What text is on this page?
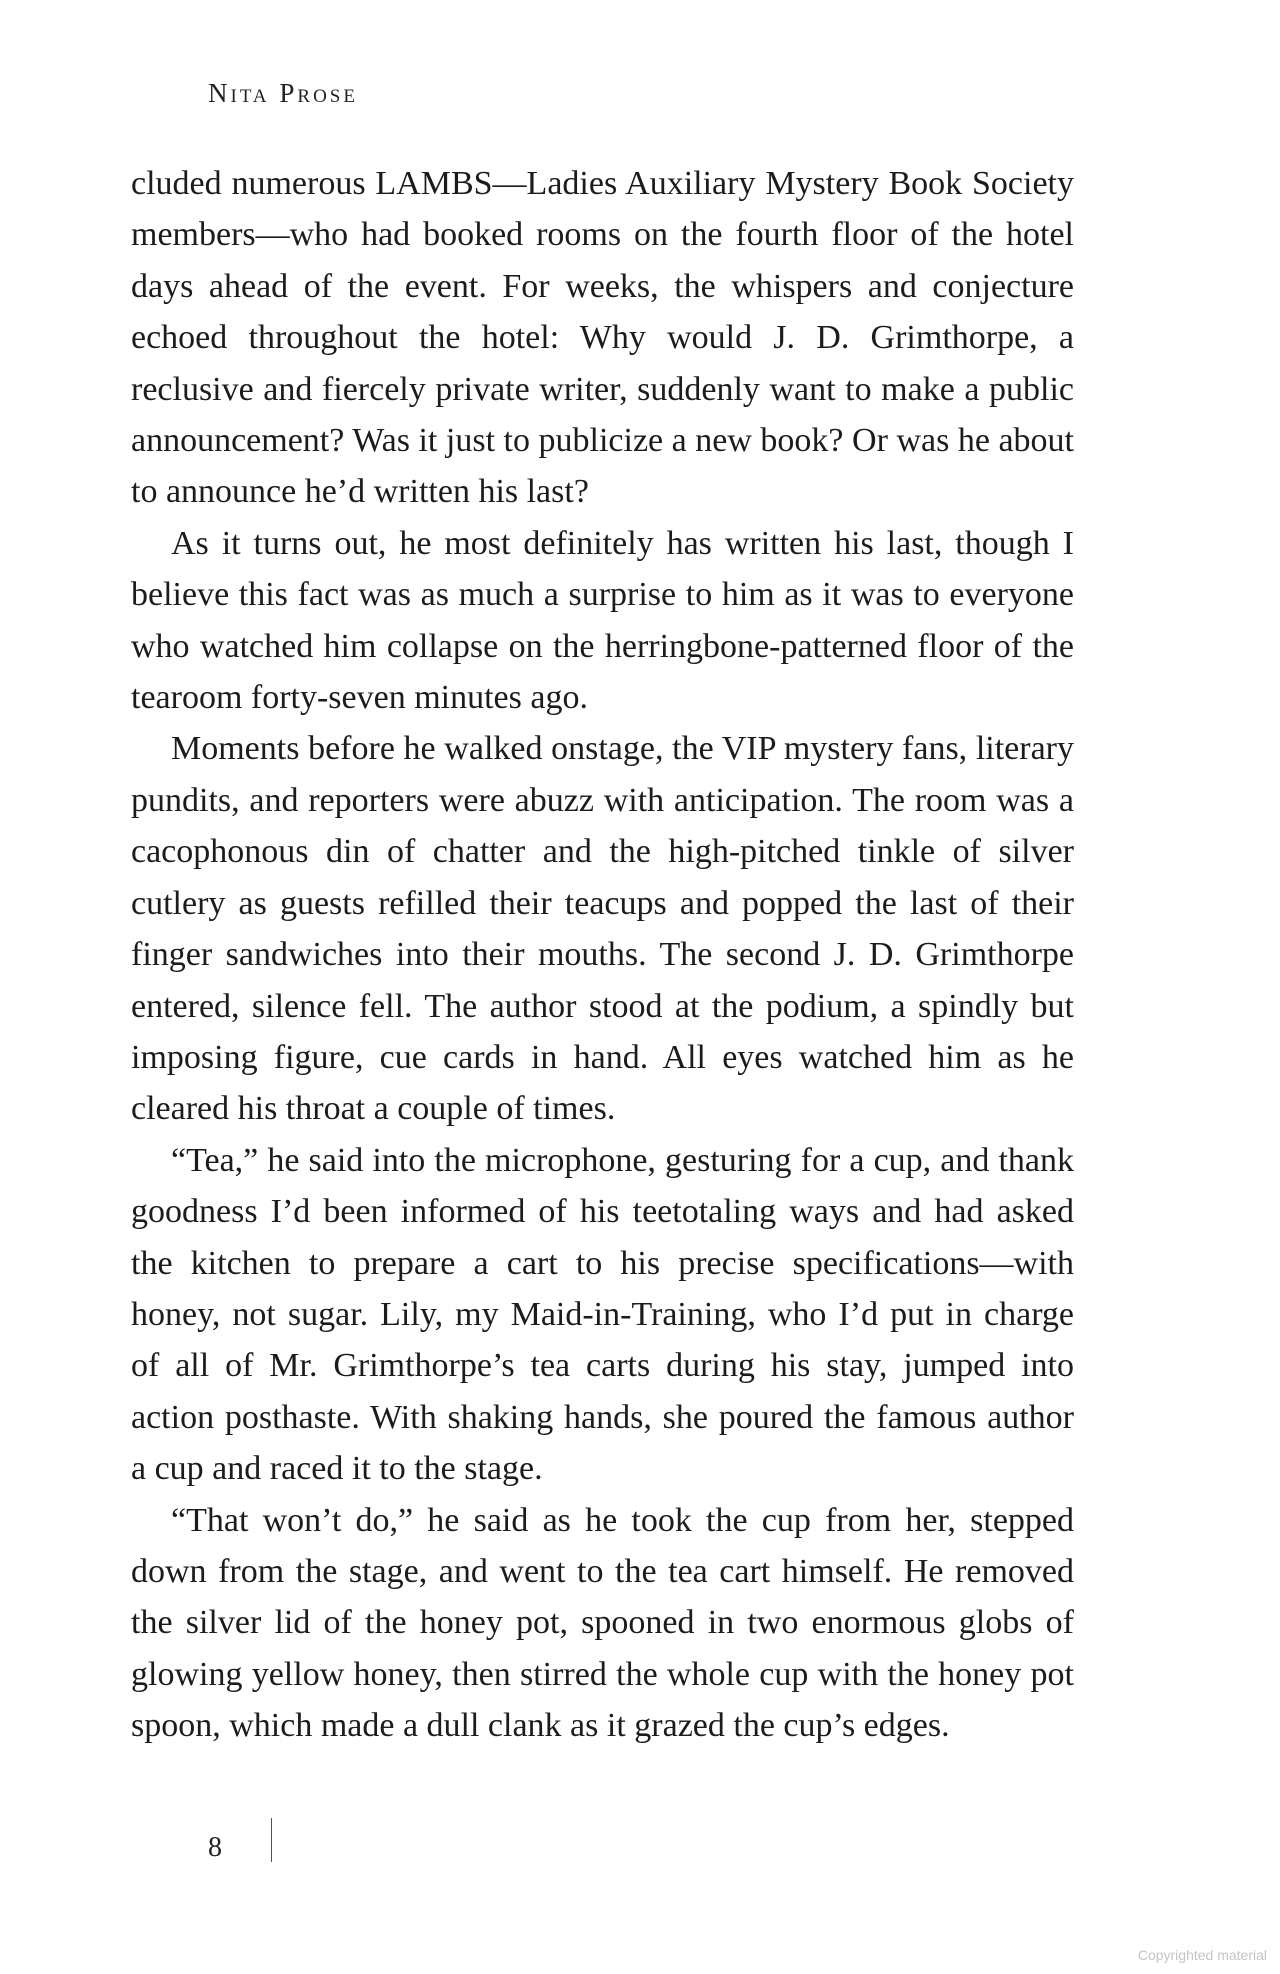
Nita Prose

cluded numerous LAMBS—Ladies Auxiliary Mystery Book Society members—who had booked rooms on the fourth floor of the hotel days ahead of the event. For weeks, the whispers and conjecture echoed throughout the hotel: Why would J. D. Grimthorpe, a reclusive and fiercely private writer, suddenly want to make a public announcement? Was it just to publicize a new book? Or was he about to announce he’d written his last?

As it turns out, he most definitely has written his last, though I believe this fact was as much a surprise to him as it was to everyone who watched him collapse on the herringbone-patterned floor of the tearoom forty-seven minutes ago.

Moments before he walked onstage, the VIP mystery fans, literary pundits, and reporters were abuzz with anticipation. The room was a cacophonous din of chatter and the high-pitched tinkle of silver cutlery as guests refilled their teacups and popped the last of their finger sandwiches into their mouths. The second J. D. Grimthorpe entered, silence fell. The author stood at the podium, a spindly but imposing figure, cue cards in hand. All eyes watched him as he cleared his throat a couple of times.

“Tea,” he said into the microphone, gesturing for a cup, and thank goodness I’d been informed of his teetotaling ways and had asked the kitchen to prepare a cart to his precise specifications—with honey, not sugar. Lily, my Maid-in-Training, who I’d put in charge of all of Mr. Grimthorpe’s tea carts during his stay, jumped into action posthaste. With shaking hands, she poured the famous author a cup and raced it to the stage.

“That won’t do,” he said as he took the cup from her, stepped down from the stage, and went to the tea cart himself. He removed the silver lid of the honey pot, spooned in two enormous globs of glowing yellow honey, then stirred the whole cup with the honey pot spoon, which made a dull clank as it grazed the cup’s edges.

8
Copyrighted material
